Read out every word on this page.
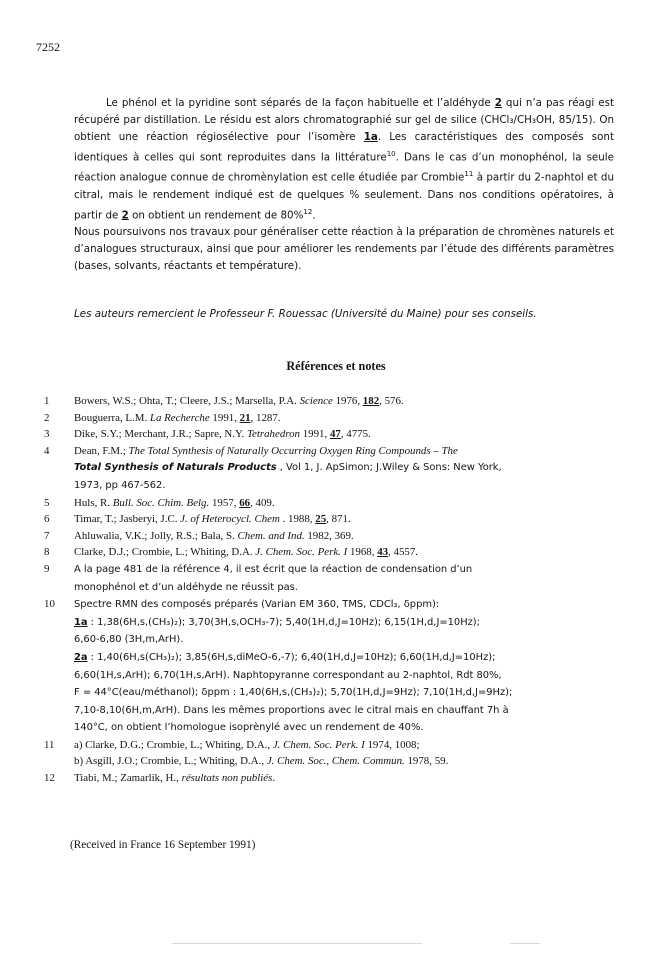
7252

Le phénol et la pyridine sont séparés de la façon habituelle et l’aldéhyde 2 qui n’a pas réagi est récupéré par distillation. Le résidu est alors chromatographié sur gel de silice (CHCl₃/CH₃OH, 85/15). On obtient une réaction régiosélective pour l’isomère 1a. Les caractéristiques des composés sont identiques à celles qui sont reproduites dans la littérature$^{10}$. Dans le cas d’un monophénol, la seule réaction analogue connue de chromènylation est celle étudiée par Crombie$^{11}$ à partir du 2-naphtol et du citral, mais le rendement indiqué est de quelques % seulement. Dans nos conditions opératoires, à partir de 2 on obtient un rendement de 80%$^{12}$.

Nous poursuivons nos travaux pour généraliser cette réaction à la préparation de chromènes naturels et d’analogues structuraux, ainsi que pour améliorer les rendements par l’étude des différents paramètres (bases, solvants, réactants et température).

Les auteurs remercient le Professeur F. Rouessac (Université du Maine) pour ses conseils.
Références et notes
1	Bowers, W.S.; Ohta, T.; Cleere, J.S.; Marsella, P.A. Science 1976, 182, 576.
2	Bouguerra, L.M. La Recherche 1991, 21, 1287.
3	Dike, S.Y.; Merchant, J.R.; Sapre, N.Y. Tetrahedron 1991, 47, 4775.
4	Dean, F.M.; The Total Synthesis of Naturally Occurring Oxygen Ring Compounds – The
Total Synthesis of Naturals Products , Vol 1, J. ApSimon; J.Wiley & Sons: New York,
1973, pp 467-562.
5	Huls, R. Bull. Soc. Chim. Belg. 1957, 66, 409.
6	Timar, T.; Jasberyi, J.C. J. of Heterocycl. Chem . 1988, 25, 871.
7	Ahluwalia, V.K.; Jolly, R.S.; Bala, S. Chem. and Ind. 1982, 369.
8	Clarke, D.J.; Crombie, L.; Whiting, D.A. J. Chem. Soc. Perk. I 1968, 43, 4557.
9	A la page 481 de la référence 4, il est écrit que la réaction de condensation d’un
monophénol et d’un aldéhyde ne réussit pas.
10	Spectre RMN des composés préparés (Varian EM 360, TMS, CDCl₃, δppm):
1a : 1,38(6H,s,(CH₃)₂); 3,70(3H,s,OCH₃-7); 5,40(1H,d,J=10Hz); 6,15(1H,d,J=10Hz);
6,60-6,80 (3H,m,ArH).
2a : 1,40(6H,s(CH₃)₂); 3,85(6H,s,diMeO-6,-7); 6,40(1H,d,J=10Hz); 6,60(1H,d,J=10Hz);
6,60(1H,s,ArH); 6,70(1H,s,ArH). Naphtopyranne correspondant au 2-naphtol, Rdt 80%,
F = 44°C(eau/méthanol); δppm : 1,40(6H,s,(CH₃)₂); 5,70(1H,d,J=9Hz); 7,10(1H,d,J=9Hz);
7,10-8,10(6H,m,ArH). Dans les mêmes proportions avec le citral mais en chauffant 7h à
140°C, on obtient l’homologue isoprènylé avec un rendement de 40%.
11	a) Clarke, D.G.; Crombie, L.; Whiting, D.A., J. Chem. Soc. Perk. I 1974, 1008;
b) Asgill, J.O.; Crombie, L.; Whiting, D.A., J. Chem. Soc., Chem. Commun. 1978, 59.
12	Tiabi, M.; Zamarlik, H., résultats non publiés.
(Received in France 16 September 1991)
